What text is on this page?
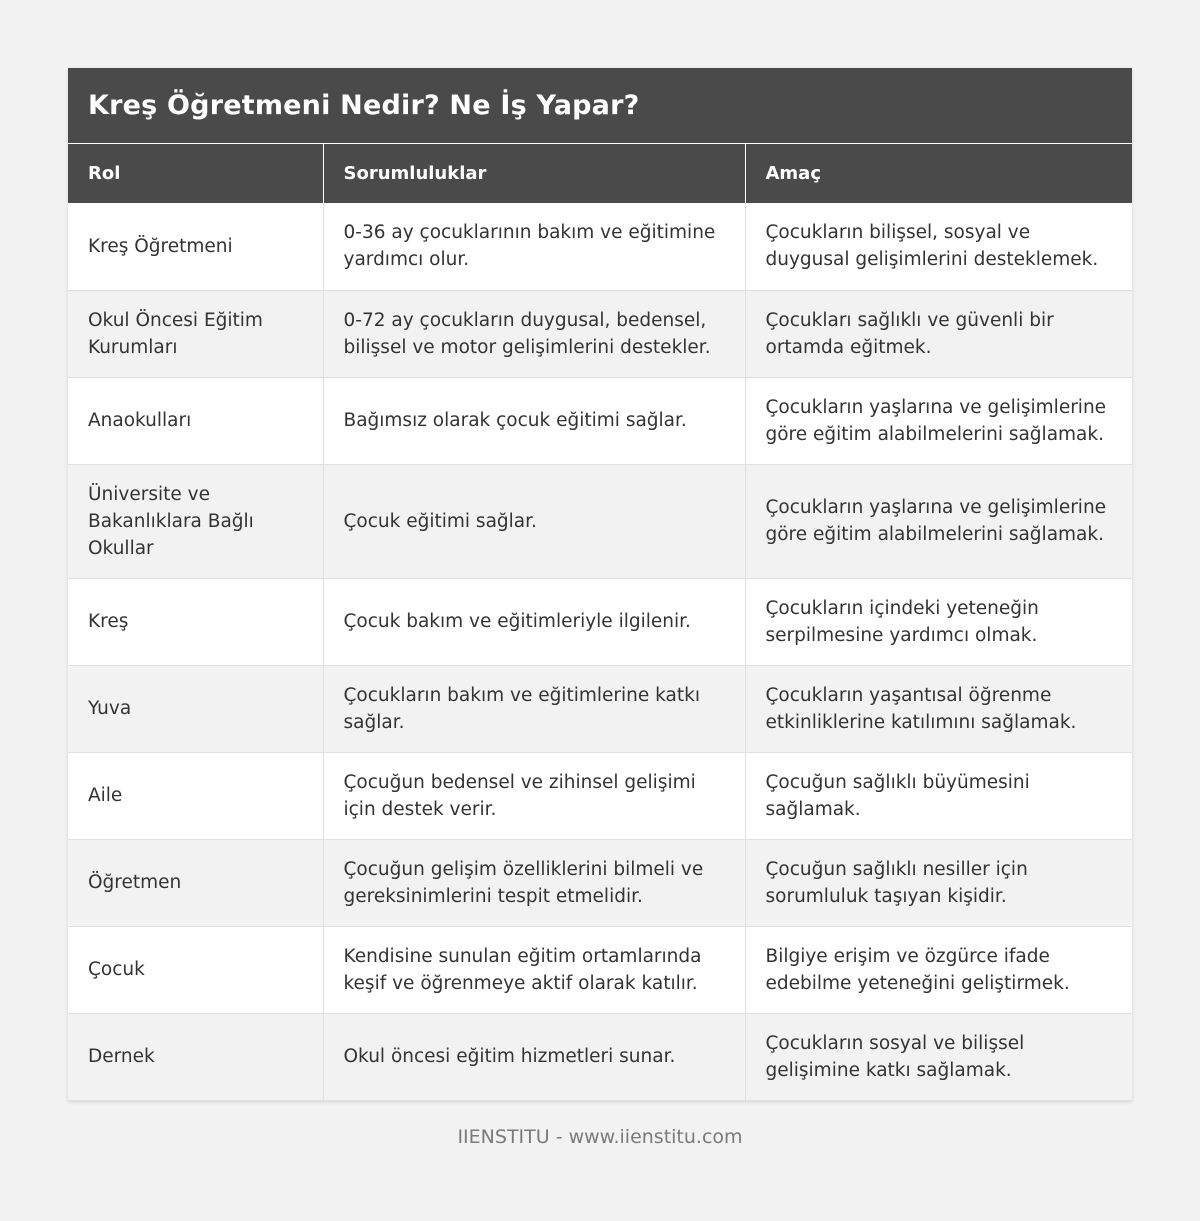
Kreş Öğretmeni Nedir? Ne İş Yapar?
Rol	Sorumluluklar	Amaç
Kreş Öğretmeni	0-36 ay çocuklarının bakım ve eğitimine yardımcı olur.	Çocukların bilişsel, sosyal ve duygusal gelişimlerini desteklemek.
Okul Öncesi Eğitim Kurumları	0-72 ay çocukların duygusal, bedensel, bilişsel ve motor gelişimlerini destekler.	Çocukları sağlıklı ve güvenli bir ortamda eğitmek.
Anaokulları	Bağımsız olarak çocuk eğitimi sağlar.	Çocukların yaşlarına ve gelişimlerine göre eğitim alabilmelerini sağlamak.
Üniversite ve Bakanlıklara Bağlı Okullar	Çocuk eğitimi sağlar.	Çocukların yaşlarına ve gelişimlerine göre eğitim alabilmelerini sağlamak.
Kreş	Çocuk bakım ve eğitimleriyle ilgilenir.	Çocukların içindeki yeteneğin serpilmesine yardımcı olmak.
Yuva	Çocukların bakım ve eğitimlerine katkı sağlar.	Çocukların yaşantısal öğrenme etkinliklerine katılımını sağlamak.
Aile	Çocuğun bedensel ve zihinsel gelişimi için destek verir.	Çocuğun sağlıklı büyümesini sağlamak.
Öğretmen	Çocuğun gelişim özelliklerini bilmeli ve gereksinimlerini tespit etmelidir.	Çocuğun sağlıklı nesiller için sorumluluk taşıyan kişidir.
Çocuk	Kendisine sunulan eğitim ortamlarında keşif ve öğrenmeye aktif olarak katılır.	Bilgiye erişim ve özgürce ifade edebilme yeteneğini geliştirmek.
Dernek	Okul öncesi eğitim hizmetleri sunar.	Çocukların sosyal ve bilişsel gelişimine katkı sağlamak.
IIENSTITU - www.iienstitu.com
